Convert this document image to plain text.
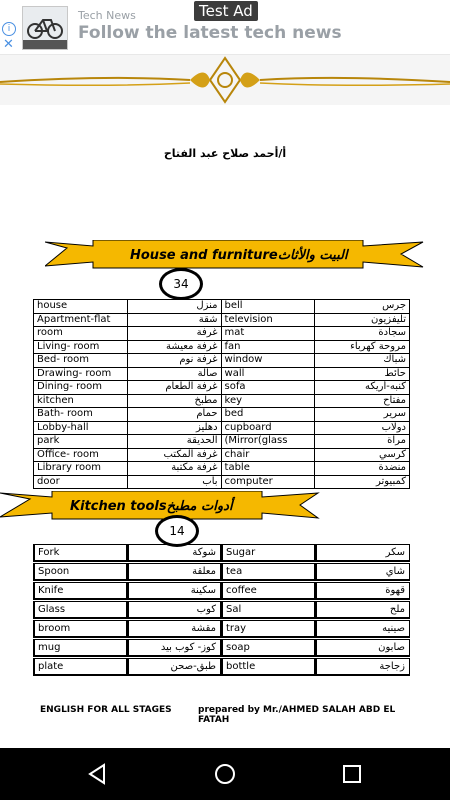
i
✕
Tech News
Follow the latest tech news
Test Ad
أ/أحمد صلاح عبد الفتاح
House and furnitureالبيت والأثاث
34
house	منزل	bell	جرس
Apartment-flat	شقة	television	تليفزيون
room	غرفة	mat	سجادة
Living- room	غرفة معيشة	fan	مروحة كهرباء
Bed- room	غرفة نوم	window	شباك
Drawing- room	صالة	wall	حائط
Dining- room	غرفة الطعام	sofa	كنبه-أريكه
kitchen	مطبخ	key	مفتاح
Bath- room	حمام	bed	سرير
Lobby-hall	دهليز	cupboard	دولاب
park	الحديقة	(Mirror(glass	مرآة
Office- room	غرفة المكتب	chair	كرسي
Library room	غرفة مكتبة	table	منضدة
door	باب	computer	كمبيوتر
Kitchen toolsأدوات مطبخ
14
Fork	شوكة	Sugar	سكر
Spoon	معلقة	tea	شاي
Knife	سكينة	coffee	قهوة
Glass	كوب	Sal	ملح
broom	مقشة	tray	صينيه
mug	كوز- كوب بيد	soap	صابون
plate	طبق-صحن	bottle	زجاجة
ENGLISH FOR ALL STAGES	prepared by Mr./AHMED SALAH ABD EL FATAH
